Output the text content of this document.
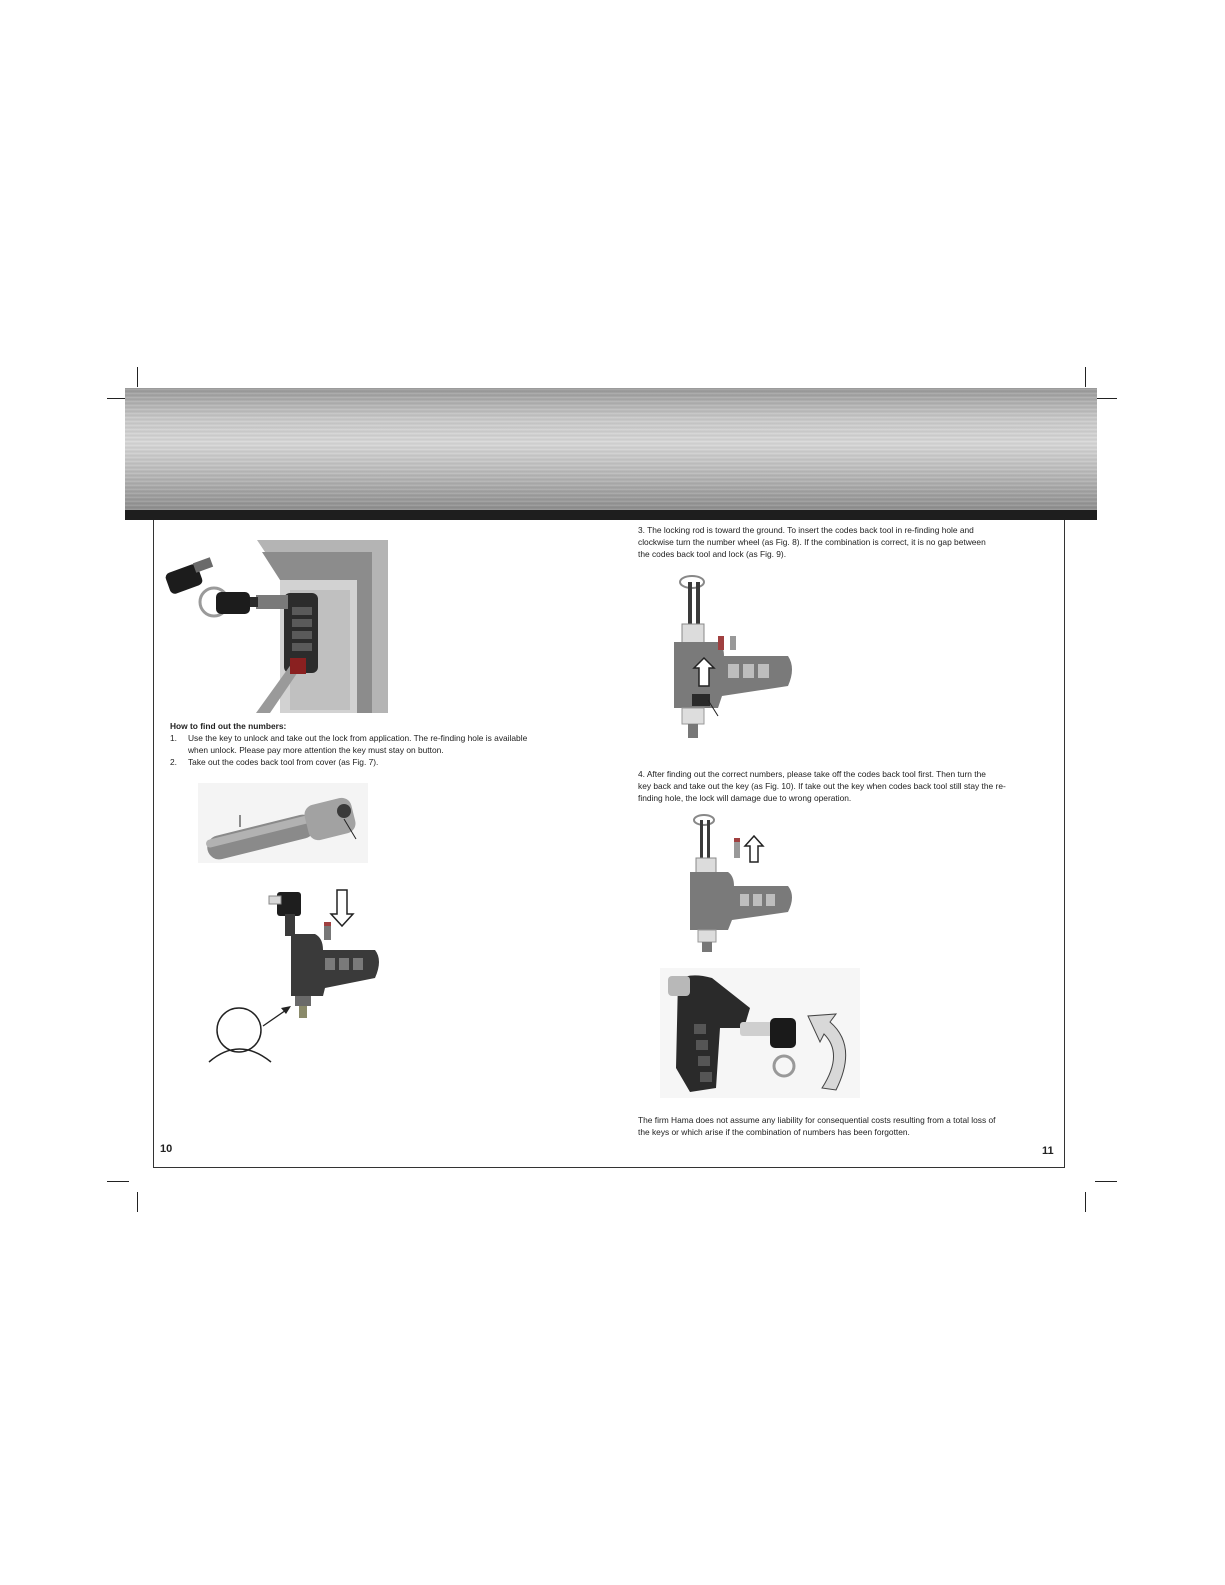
How to find out the numbers:
1. Use the key to unlock and take out the lock from application. The re-finding hole is available
when unlock. Please pay more attention the key must stay on button.
2. Take out the codes back tool from cover (as Fig. 7).
10
3. The locking rod is toward the ground. To insert the codes back tool in re-finding hole and
clockwise turn the number wheel (as Fig. 8). If the combination is correct, it is no gap between
the codes back tool and lock (as Fig. 9).
4. After finding out the correct numbers, please take off the codes back tool first. Then turn the
key back and take out the key (as Fig. 10). If take out the key when codes back tool still stay the re-
finding hole, the lock will damage due to wrong operation.
The firm Hama does not assume any liability for consequential costs resulting from a total loss of
the keys or which arise if the combination of numbers has been forgotten.
11
